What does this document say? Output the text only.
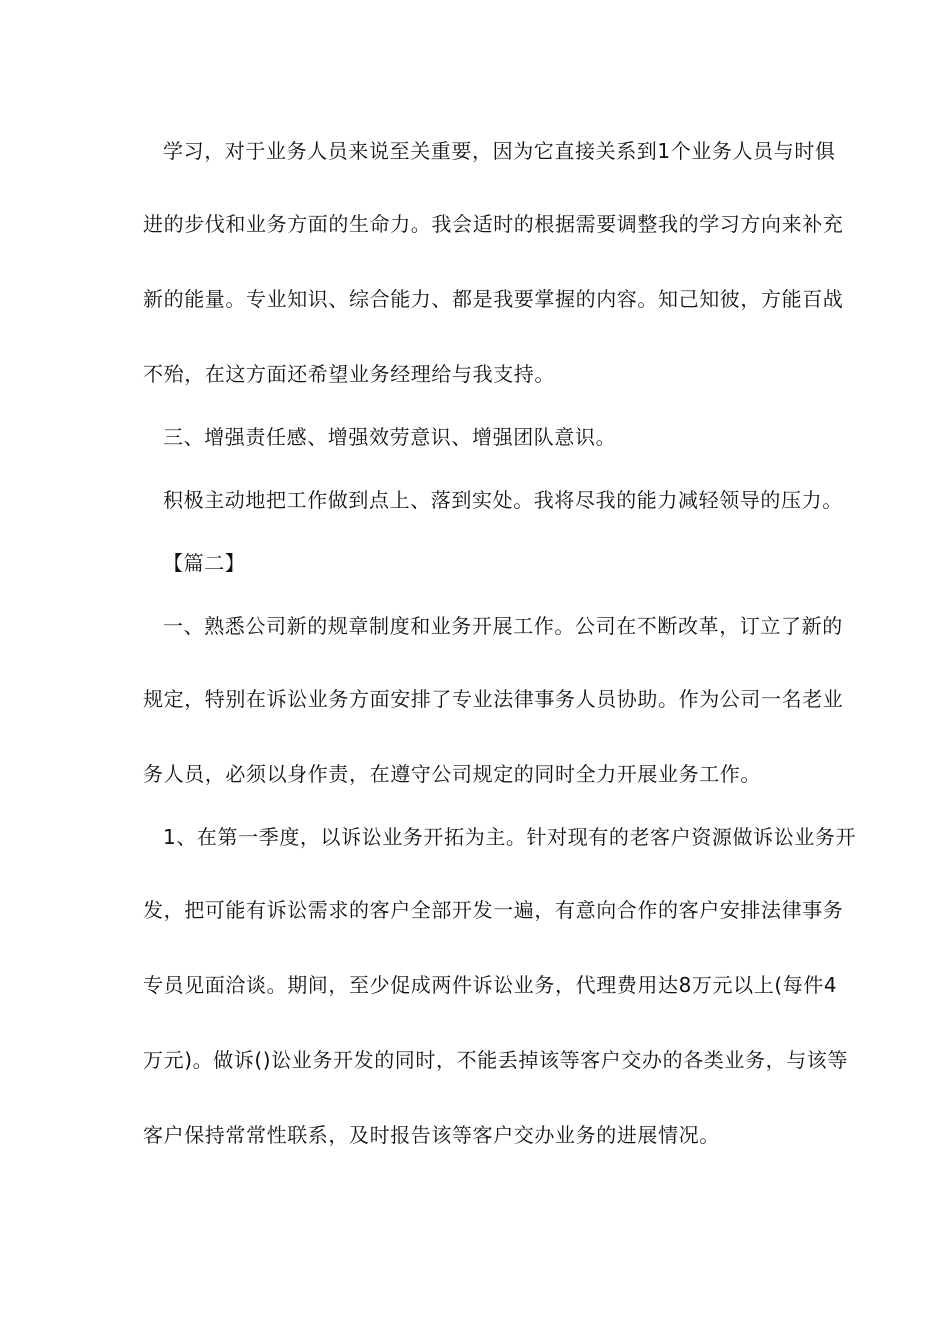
学习，对于业务人员来说至关重要，因为它直接关系到1个业务人员与时俱
进的步伐和业务方面的生命力。我会适时的根据需要调整我的学习方向来补充
新的能量。专业知识、综合能力、都是我要掌握的内容。知己知彼，方能百战
不殆，在这方面还希望业务经理给与我支持。
三、增强责任感、增强效劳意识、增强团队意识。
积极主动地把工作做到点上、落到实处。我将尽我的能力减轻领导的压力。
【篇二】
一、熟悉公司新的规章制度和业务开展工作。公司在不断改革，订立了新的
规定，特别在诉讼业务方面安排了专业法律事务人员协助。作为公司一名老业
务人员，必须以身作责，在遵守公司规定的同时全力开展业务工作。
1、在第一季度，以诉讼业务开拓为主。针对现有的老客户资源做诉讼业务开
发，把可能有诉讼需求的客户全部开发一遍，有意向合作的客户安排法律事务
专员见面洽谈。期间，至少促成两件诉讼业务，代理费用达8万元以上(每件4
万元)。做诉()讼业务开发的同时，不能丢掉该等客户交办的各类业务，与该等
客户保持常常性联系，及时报告该等客户交办业务的进展情况。
